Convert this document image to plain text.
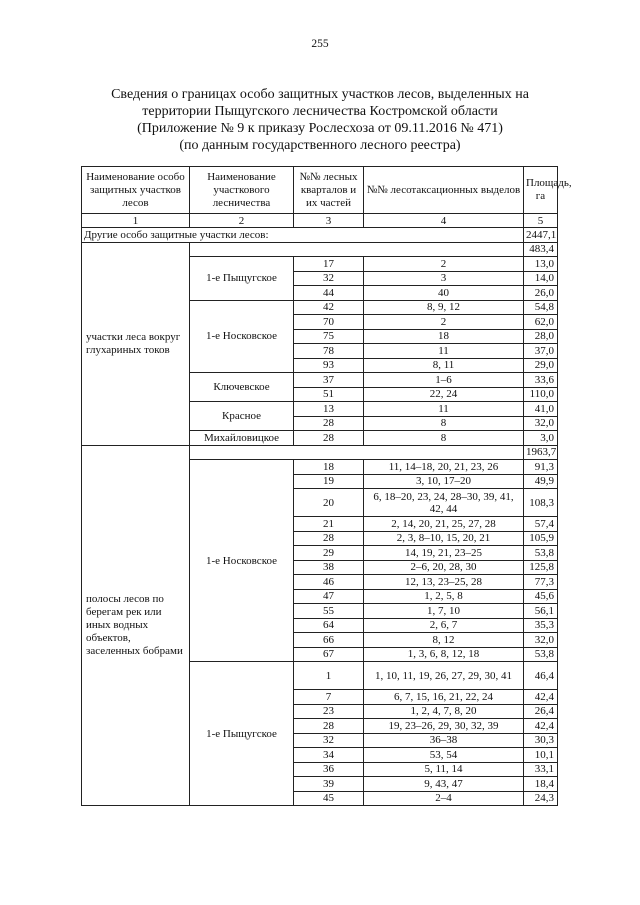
255
Сведения о границах особо защитных участков лесов, выделенных на
территории Пыщугского лесничества Костромской области
(Приложение № 9 к приказу Рослесхоза от 09.11.2016 № 471)
(по данным государственного лесного реестра)
Наименование особо защитных участков лесов	Наименование участкового лесничества	№№ лесных кварталов и их частей	№№ лесотаксационных выделов	Площадь, га
1	2	3	4	5
Другие особо защитные участки лесов:				2447,1
участки леса вокруг глухариных токов				483,4
	1-е Пыщугское	17	2	13,0
		32	3	14,0
		44	40	26,0
	1-е Носковское	42	8, 9, 12	54,8
		70	2	62,0
		75	18	28,0
		78	11	37,0
		93	8, 11	29,0
	Ключевское	37	1–6	33,6
		51	22, 24	110,0
	Красное	13	11	41,0
		28	8	32,0
	Михайловицкое	28	8	3,0
полосы лесов по берегам рек или иных водных объектов, заселенных бобрами				1963,7
	1-е Носковское	18	11, 14–18, 20, 21, 23, 26	91,3
		19	3, 10, 17–20	49,9
		20	6, 18–20, 23, 24, 28–30, 39, 41, 42, 44	108,3
		21	2, 14, 20, 21, 25, 27, 28	57,4
		28	2, 3, 8–10, 15, 20, 21	105,9
		29	14, 19, 21, 23–25	53,8
		38	2–6, 20, 28, 30	125,8
		46	12, 13, 23–25, 28	77,3
		47	1, 2, 5, 8	45,6
		55	1, 7, 10	56,1
		64	2, 6, 7	35,3
		66	8, 12	32,0
		67	1, 3, 6, 8, 12, 18	53,8
	1-е Пыщугское	1	1, 10, 11, 19, 26, 27, 29, 30, 41	46,4
		7	6, 7, 15, 16, 21, 22, 24	42,4
		23	1, 2, 4, 7, 8, 20	26,4
		28	19, 23–26, 29, 30, 32, 39	42,4
		32	36–38	30,3
		34	53, 54	10,1
		36	5, 11, 14	33,1
		39	9, 43, 47	18,4
		45	2–4	24,3
